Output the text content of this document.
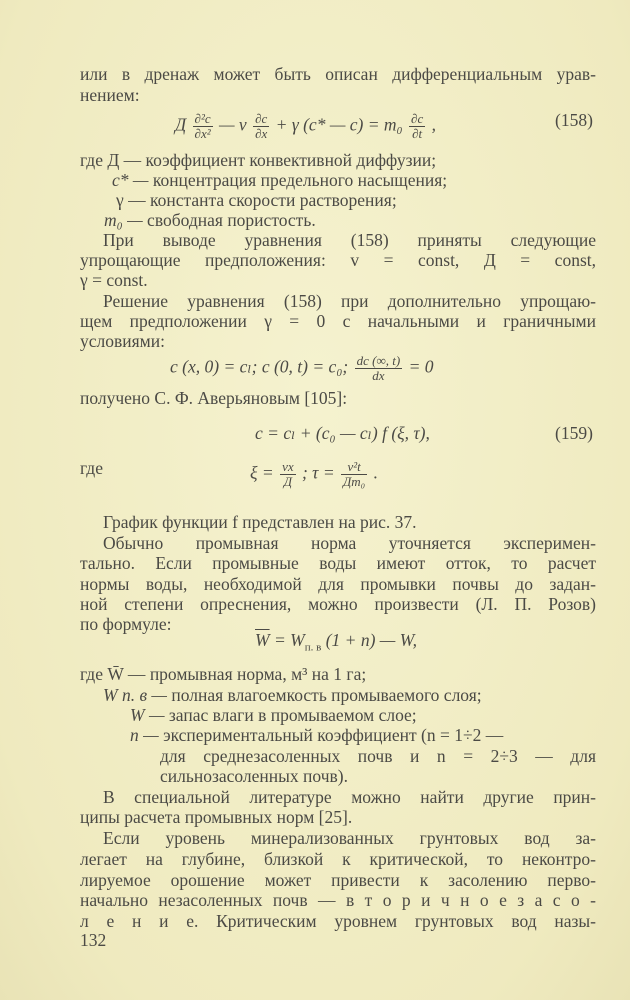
или в дренаж может быть описан дифференциальным урав-
нением:
Д $\frac{\text{∂²c}}{\text{∂x²}}$ — v $\frac{\partial c}{\partial x} + \gamma$ (c* — $c) = m_0 \frac{\partial c}{\partial t}$ ,	(158)
где Д — коэффициент конвективной диффузии;
c* — концентрация предельного насыщения;
γ — константа скорости растворения;
m₀ — свободная пористость.
При выводе уравнения (158) приняты следующие
упрощающие предположения: v = const, Д = const,
γ = const.
Решение уравнения (158) при дополнительно упрощаю-
щем предположении γ = 0 с начальными и граничными
условиями:
c (x, 0) = cₗ; c (0, t) = c₀; $\frac{dc (\infty, t)}{dx} = 0$
получено С. Ф. Аверьяновым [105]:
c = cₗ + (c₀ — cₗ) f (ξ, τ),	(159)
где	$\xi = \frac{vx}{Д}$ ; $\tau = \frac{\text{v²t}}{\text{Дm₀}}$ .
График функции f представлен на рис. 37.
Обычно промывная норма уточняется эксперимен-
тально. Если промывные воды имеют отток, то расчет
нормы воды, необходимой для промывки почвы до задан-
ной степени опреснения, можно произвести (Л. П. Розов)
по формуле:
$\overline{W} = W_{п. в}$ (1 + n) — W,
где W̄ — промывная норма, м³ на 1 га;
W п. в — полная влагоемкость промываемого слоя;
W — запас влаги в промываемом слое;
n — экспериментальный коэффициент (n = 1÷2 —
для среднезасоленных почв и n = 2÷3 — для
сильнозасоленных почв).
В специальной литературе можно найти другие прин-
ципы расчета промывных норм [25].
Если уровень минерализованных грунтовых вод за-
легает на глубине, близкой к критической, то неконтро-
лируемое орошение может привести к засолению перво-
начально незасоленных почв — в т о р и ч н о е з а с о -
л е н и е. Критическим уровнем грунтовых вод назы-
132
